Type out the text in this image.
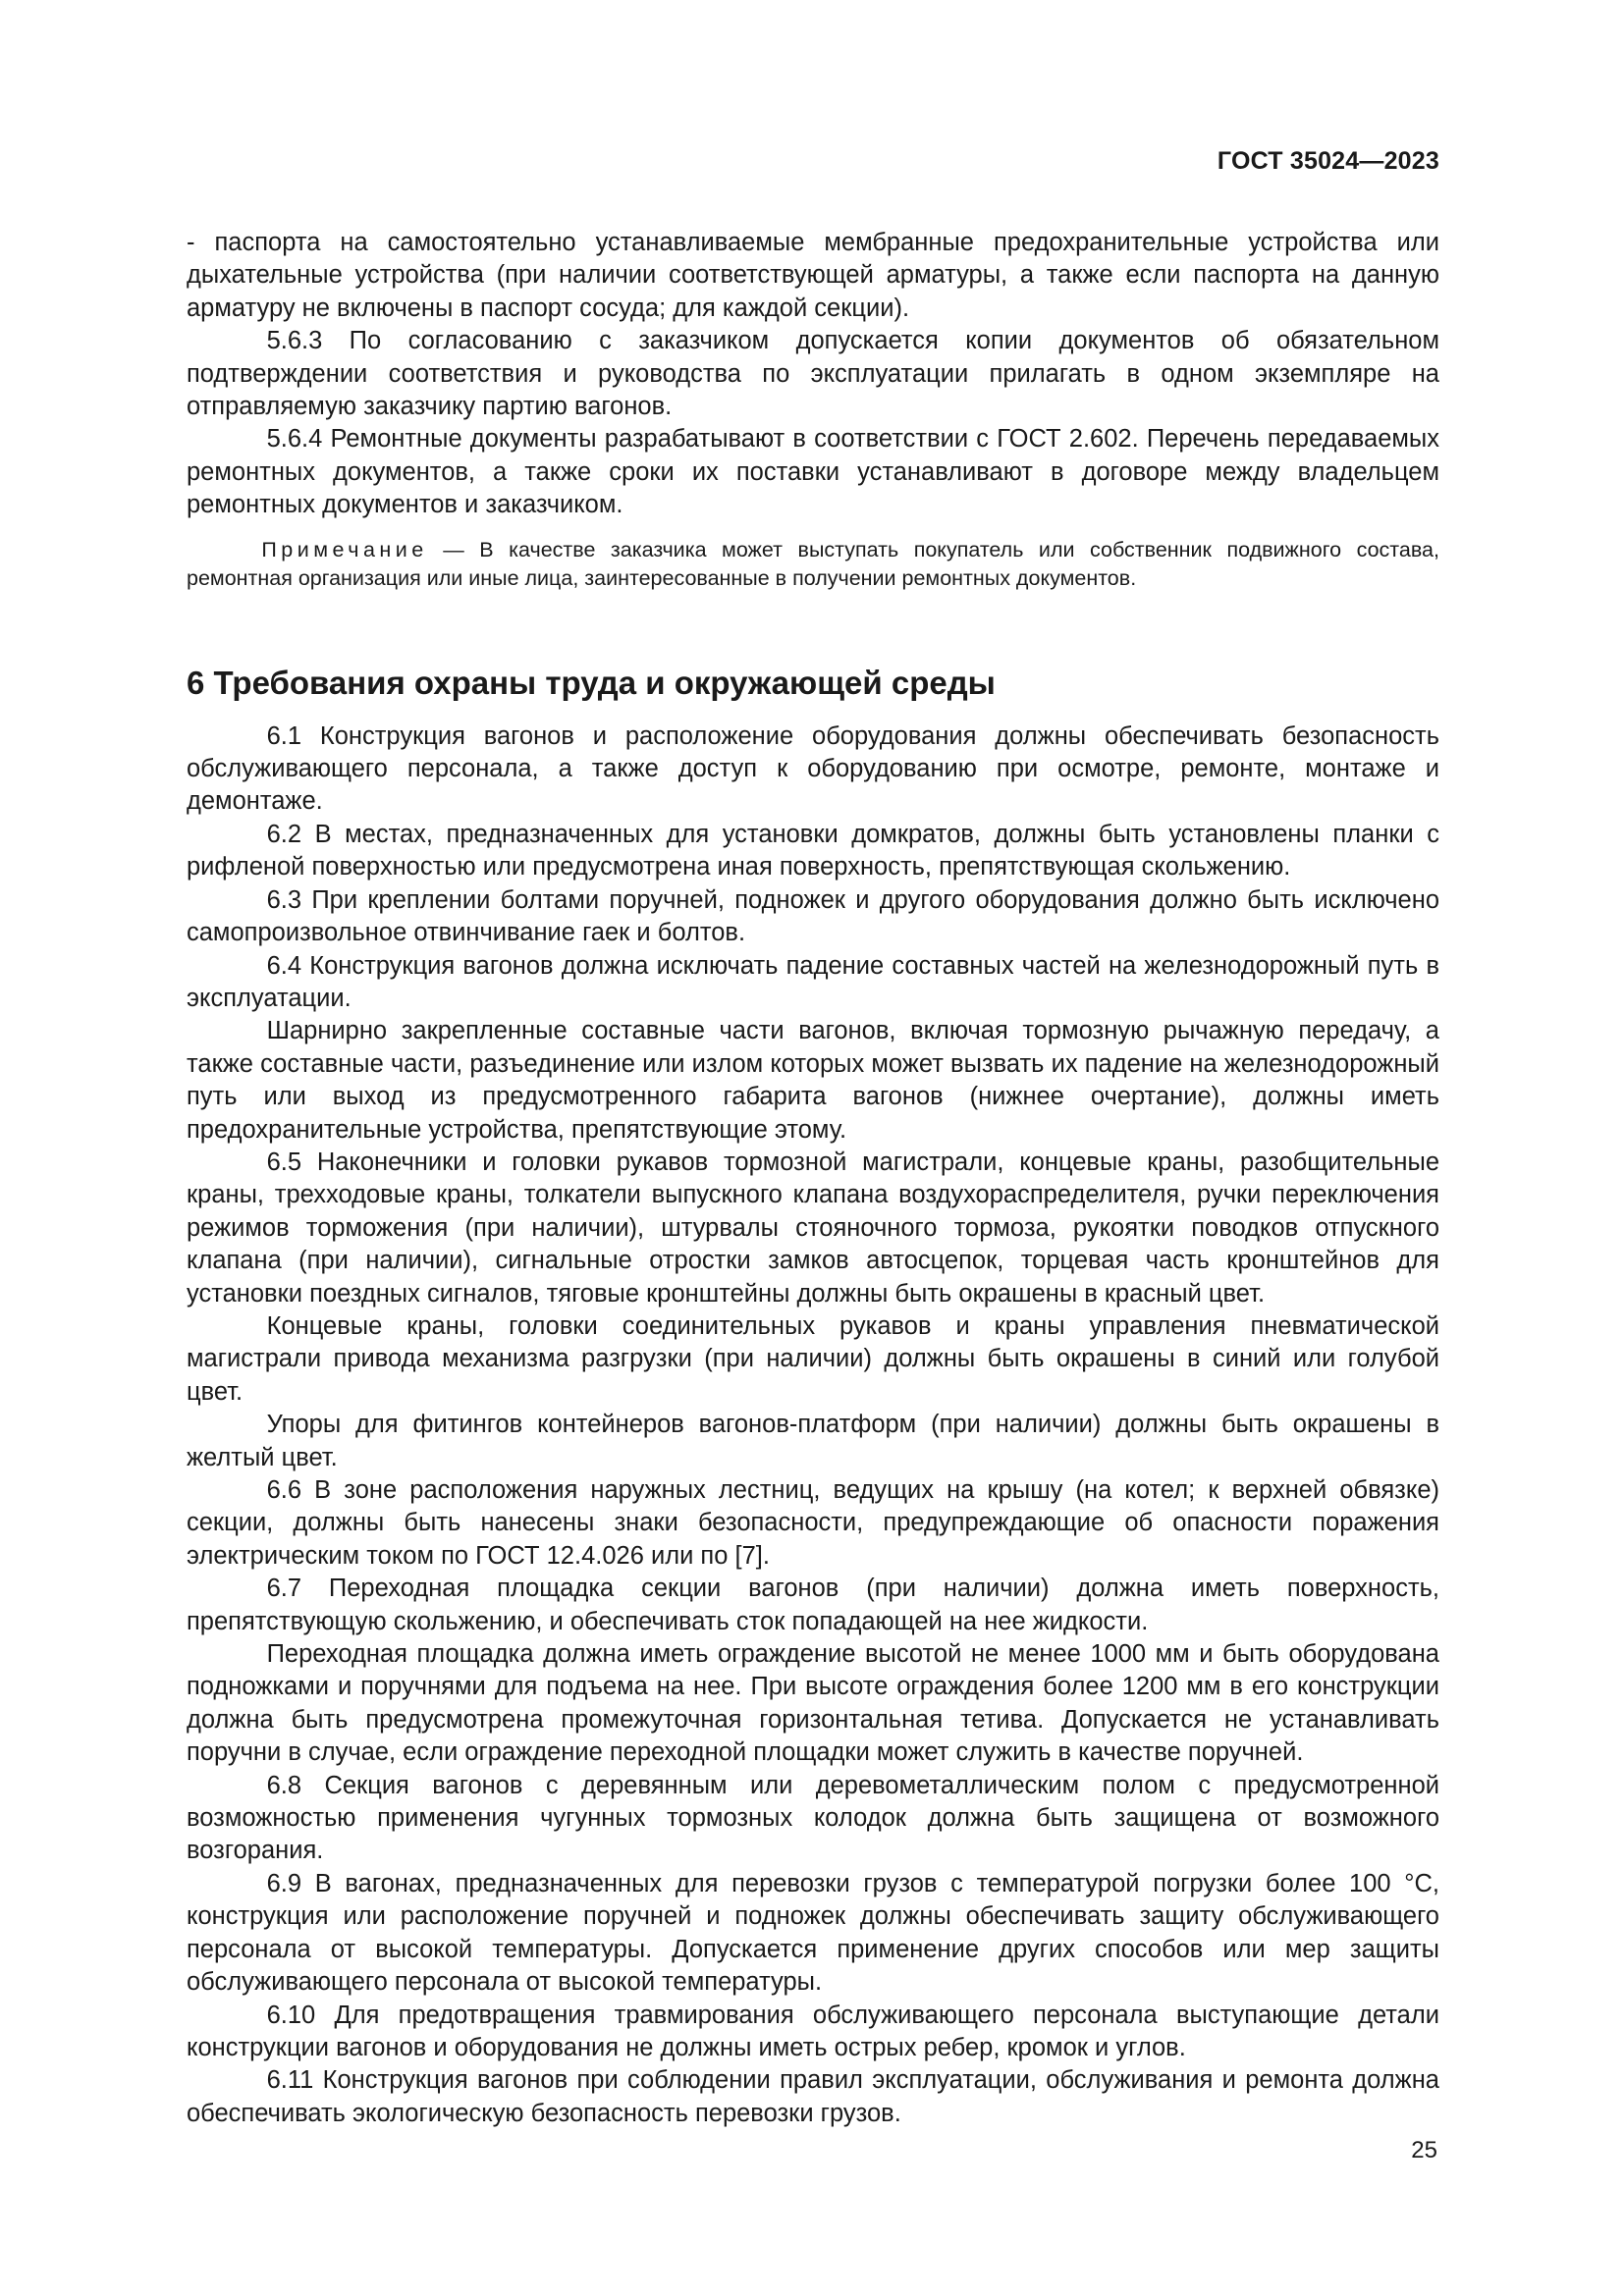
ГОСТ 35024—2023

- паспорта на самостоятельно устанавливаемые мембранные предохранительные устройства или дыхательные устройства (при наличии соответствующей арматуры, а также если паспорта на данную арматуру не включены в паспорт сосуда; для каждой секции).

5.6.3 По согласованию с заказчиком допускается копии документов об обязательном подтверждении соответствия и руководства по эксплуатации прилагать в одном экземпляре на отправляемую заказчику партию вагонов.

5.6.4 Ремонтные документы разрабатывают в соответствии с ГОСТ 2.602. Перечень передаваемых ремонтных документов, а также сроки их поставки устанавливают в договоре между владельцем ремонтных документов и заказчиком.

Примечание — В качестве заказчика может выступать покупатель или собственник подвижного состава, ремонтная организация или иные лица, заинтересованные в получении ремонтных документов.

6 Требования охраны труда и окружающей среды

6.1 Конструкция вагонов и расположение оборудования должны обеспечивать безопасность обслуживающего персонала, а также доступ к оборудованию при осмотре, ремонте, монтаже и демонтаже.

6.2 В местах, предназначенных для установки домкратов, должны быть установлены планки с рифленой поверхностью или предусмотрена иная поверхность, препятствующая скольжению.

6.3 При креплении болтами поручней, подножек и другого оборудования должно быть исключено самопроизвольное отвинчивание гаек и болтов.

6.4 Конструкция вагонов должна исключать падение составных частей на железнодорожный путь в эксплуатации.

Шарнирно закрепленные составные части вагонов, включая тормозную рычажную передачу, а также составные части, разъединение или излом которых может вызвать их падение на железнодорожный путь или выход из предусмотренного габарита вагонов (нижнее очертание), должны иметь предохранительные устройства, препятствующие этому.

6.5 Наконечники и головки рукавов тормозной магистрали, концевые краны, разобщительные краны, трехходовые краны, толкатели выпускного клапана воздухораспределителя, ручки переключения режимов торможения (при наличии), штурвалы стояночного тормоза, рукоятки поводков отпускного клапана (при наличии), сигнальные отростки замков автосцепок, торцевая часть кронштейнов для установки поездных сигналов, тяговые кронштейны должны быть окрашены в красный цвет.

Концевые краны, головки соединительных рукавов и краны управления пневматической магистрали привода механизма разгрузки (при наличии) должны быть окрашены в синий или голубой цвет.

Упоры для фитингов контейнеров вагонов-платформ (при наличии) должны быть окрашены в желтый цвет.

6.6 В зоне расположения наружных лестниц, ведущих на крышу (на котел; к верхней обвязке) секции, должны быть нанесены знаки безопасности, предупреждающие об опасности поражения электрическим током по ГОСТ 12.4.026 или по [7].

6.7 Переходная площадка секции вагонов (при наличии) должна иметь поверхность, препятствующую скольжению, и обеспечивать сток попадающей на нее жидкости.

Переходная площадка должна иметь ограждение высотой не менее 1000 мм и быть оборудована подножками и поручнями для подъема на нее. При высоте ограждения более 1200 мм в его конструкции должна быть предусмотрена промежуточная горизонтальная тетива. Допускается не устанавливать поручни в случае, если ограждение переходной площадки может служить в качестве поручней.

6.8 Секция вагонов с деревянным или деревометаллическим полом с предусмотренной возможностью применения чугунных тормозных колодок должна быть защищена от возможного возгорания.

6.9 В вагонах, предназначенных для перевозки грузов с температурой погрузки более 100 °С, конструкция или расположение поручней и подножек должны обеспечивать защиту обслуживающего персонала от высокой температуры. Допускается применение других способов или мер защиты обслуживающего персонала от высокой температуры.

6.10 Для предотвращения травмирования обслуживающего персонала выступающие детали конструкции вагонов и оборудования не должны иметь острых ребер, кромок и углов.

6.11 Конструкция вагонов при соблюдении правил эксплуатации, обслуживания и ремонта должна обеспечивать экологическую безопасность перевозки грузов.

25
